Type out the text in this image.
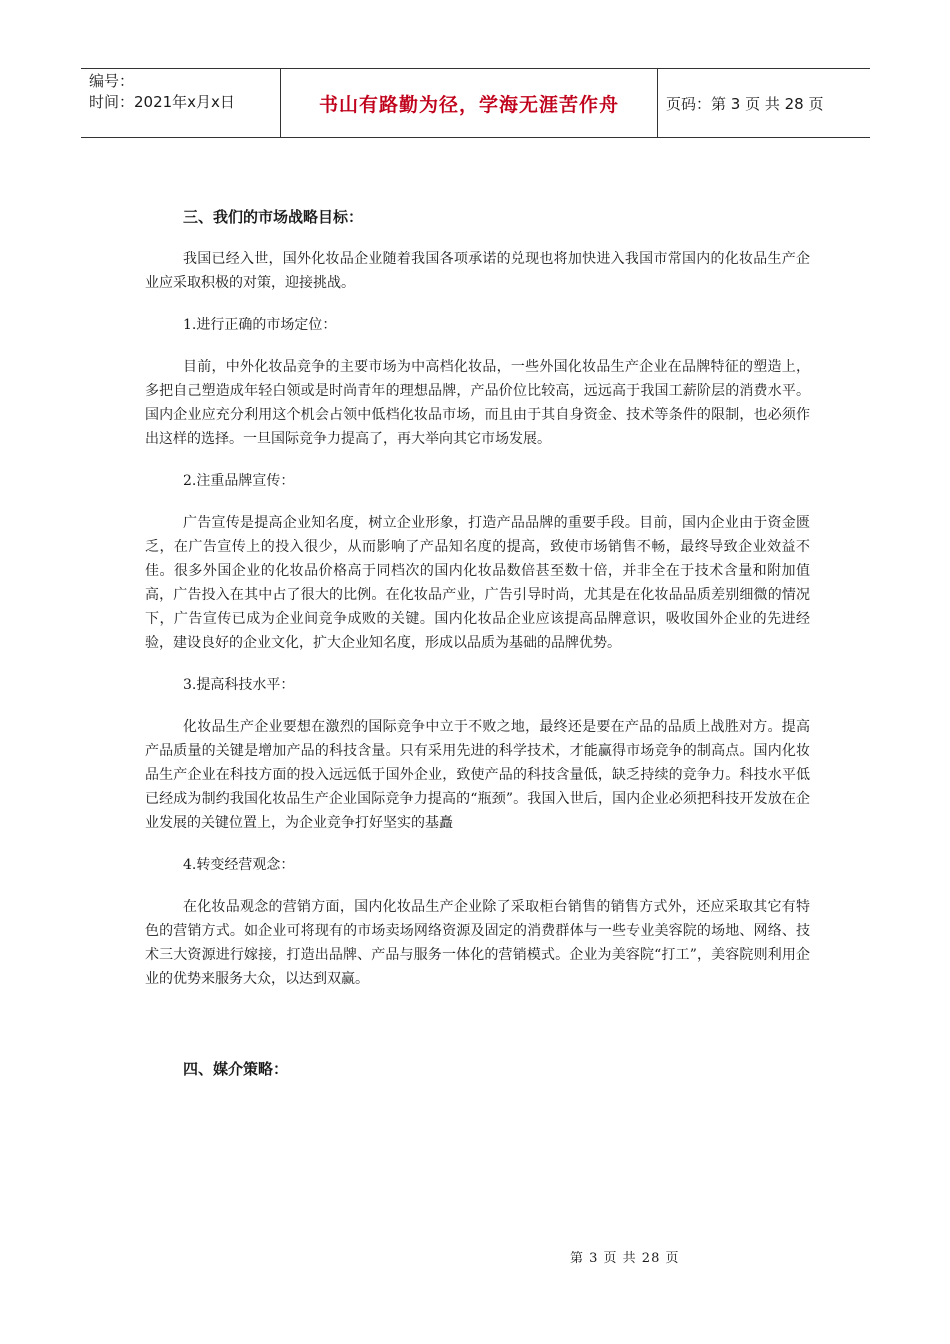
编号：
时间：2021年x月x日	书山有路勤为径，学海无涯苦作舟	页码：第 3 页 共 28 页

三、我们的市场战略目标：

我国已经入世，国外化妆品企业随着我国各项承诺的兑现也将加快进入我国市常国内的化妆品生产企业应采取积极的对策，迎接挑战。

1.进行正确的市场定位：

目前，中外化妆品竞争的主要市场为中高档化妆品，一些外国化妆品生产企业在品牌特征的塑造上，多把自己塑造成年轻白领或是时尚青年的理想品牌，产品价位比较高，远远高于我国工薪阶层的消费水平。国内企业应充分利用这个机会占领中低档化妆品市场，而且由于其自身资金、技术等条件的限制，也必须作出这样的选择。一旦国际竞争力提高了，再大举向其它市场发展。

2.注重品牌宣传：

广告宣传是提高企业知名度，树立企业形象，打造产品品牌的重要手段。目前，国内企业由于资金匮乏，在广告宣传上的投入很少，从而影响了产品知名度的提高，致使市场销售不畅，最终导致企业效益不佳。很多外国企业的化妆品价格高于同档次的国内化妆品数倍甚至数十倍，并非全在于技术含量和附加值高，广告投入在其中占了很大的比例。在化妆品产业，广告引导时尚，尤其是在化妆品品质差别细微的情况下，广告宣传已成为企业间竞争成败的关键。国内化妆品企业应该提高品牌意识，吸收国外企业的先进经验，建设良好的企业文化，扩大企业知名度，形成以品质为基础的品牌优势。

3.提高科技水平：

化妆品生产企业要想在激烈的国际竞争中立于不败之地，最终还是要在产品的品质上战胜对方。提高产品质量的关键是增加产品的科技含量。只有采用先进的科学技术，才能赢得市场竞争的制高点。国内化妆品生产企业在科技方面的投入远远低于国外企业，致使产品的科技含量低，缺乏持续的竞争力。科技水平低已经成为制约我国化妆品生产企业国际竞争力提高的“瓶颈”。我国入世后，国内企业必须把科技开发放在企业发展的关键位置上，为企业竞争打好坚实的基矗

4.转变经营观念：

在化妆品观念的营销方面，国内化妆品生产企业除了采取柜台销售的销售方式外，还应采取其它有特色的营销方式。如企业可将现有的市场卖场网络资源及固定的消费群体与一些专业美容院的场地、网络、技术三大资源进行嫁接，打造出品牌、产品与服务一体化的营销模式。企业为美容院“打工”，美容院则利用企业的优势来服务大众，以达到双赢。

四、媒介策略：

第 3 页 共 28 页
